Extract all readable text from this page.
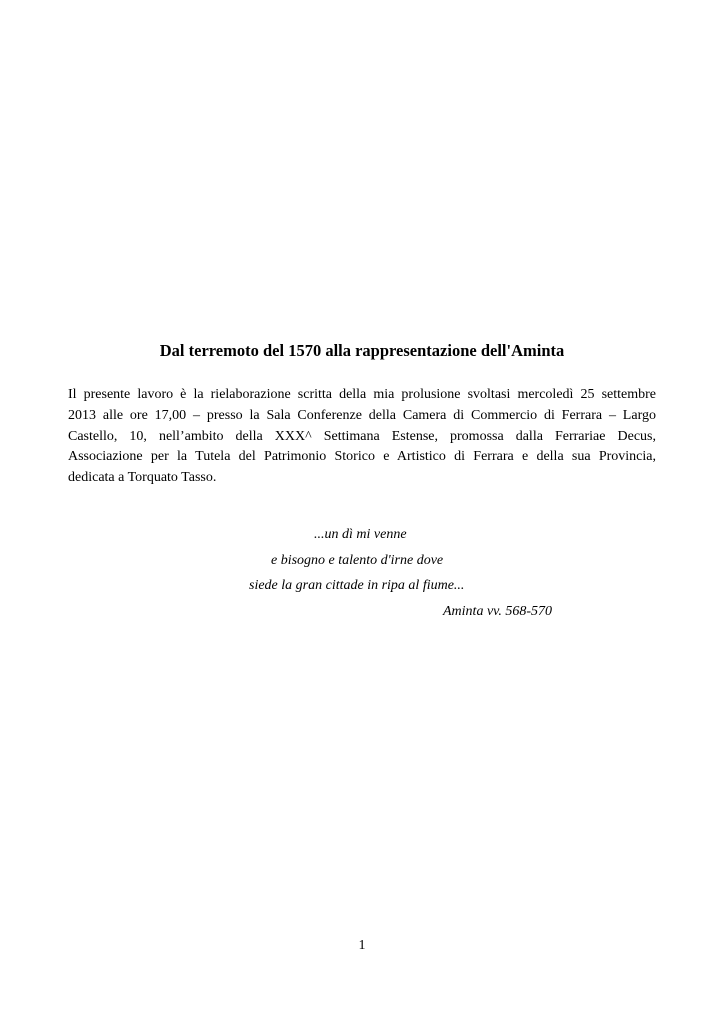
Dal terremoto del 1570 alla rappresentazione dell'Aminta
Il presente lavoro è la rielaborazione scritta della mia prolusione svoltasi mercoledì 25 settembre
2013 alle ore 17,00 – presso la Sala Conferenze della Camera di Commercio di Ferrara – Largo
Castello, 10, nell’ambito della XXX^ Settimana Estense, promossa dalla Ferrariae Decus,
Associazione per la Tutela del Patrimonio Storico e Artistico di Ferrara e della sua Provincia,
dedicata a Torquato Tasso.
...un dì mi venne
e bisogno e talento d'irne dove
siede la gran cittade in ripa al fiume...
Aminta vv. 568-570
1
